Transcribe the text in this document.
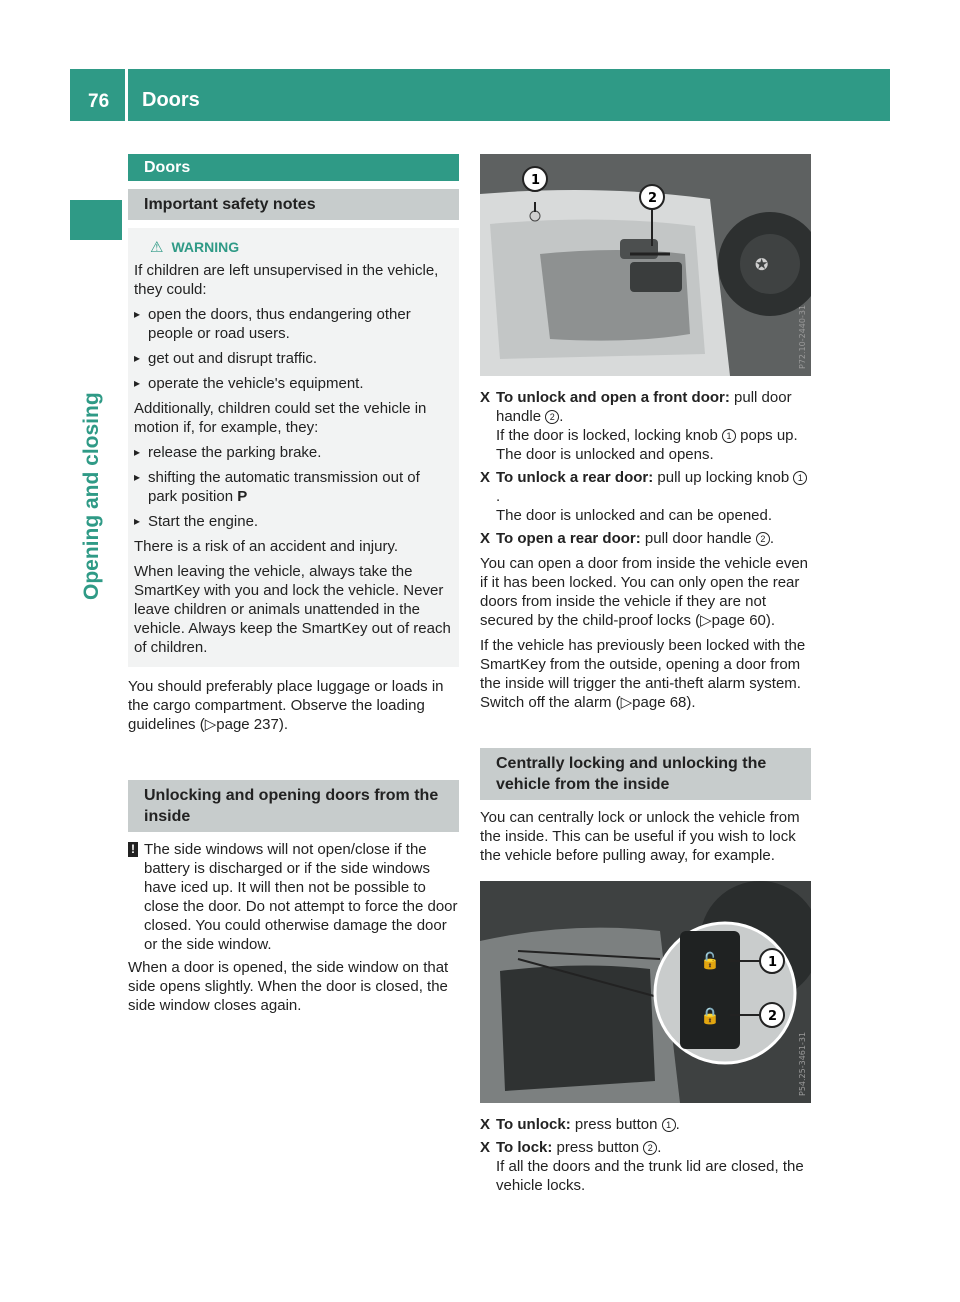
76 Doors
Opening and closing
Doors
Important safety notes
⚠ WARNING

If children are left unsupervised in the vehicle, they could:

▸ open the doors, thus endangering other people or road users.
▸ get out and disrupt traffic.
▸ operate the vehicle's equipment.

Additionally, children could set the vehicle in motion if, for example, they:

▸ release the parking brake.
▸ shifting the automatic transmission out of park position P
▸ Start the engine.

There is a risk of an accident and injury.

When leaving the vehicle, always take the SmartKey with you and lock the vehicle. Never leave children or animals unattended in the vehicle. Always keep the SmartKey out of reach of children.

You should preferably place luggage or loads in the cargo compartment. Observe the loading guidelines (▷page 237).

Unlocking and opening doors from the inside
! The side windows will not open/close if the battery is discharged or if the side windows have iced up. It will then not be possible to close the door. Do not attempt to force the door closed. You could otherwise damage the door or the side window.

When a door is opened, the side window on that side opens slightly. When the door is closed, the side window closes again.

✪
1
2
P72.10-2440-31
X To unlock and open a front door: pull door handle 2 .
If the door is locked, locking knob 1 pops up. The door is unlocked and opens.
X To unlock a rear door: pull up locking knob 1.
The door is unlocked and can be opened.
X To open a rear door: pull door handle 2 .

You can open a door from inside the vehicle even if it has been locked. You can only open the rear doors from inside the vehicle if they are not secured by the child-proof locks (▷page 60).

If the vehicle has previously been locked with the SmartKey from the outside, opening a door from the inside will trigger the anti-theft alarm system. Switch off the alarm (▷page 68).

Centrally locking and unlocking the vehicle from the inside

You can centrally lock or unlock the vehicle from the inside. This can be useful if you wish to lock the vehicle before pulling away, for example.

🔓
🔒
1
2
P54.25-3461-31
X To unlock: press button 1 .
X To lock: press button 2 .
If all the doors and the trunk lid are closed, the vehicle locks.
